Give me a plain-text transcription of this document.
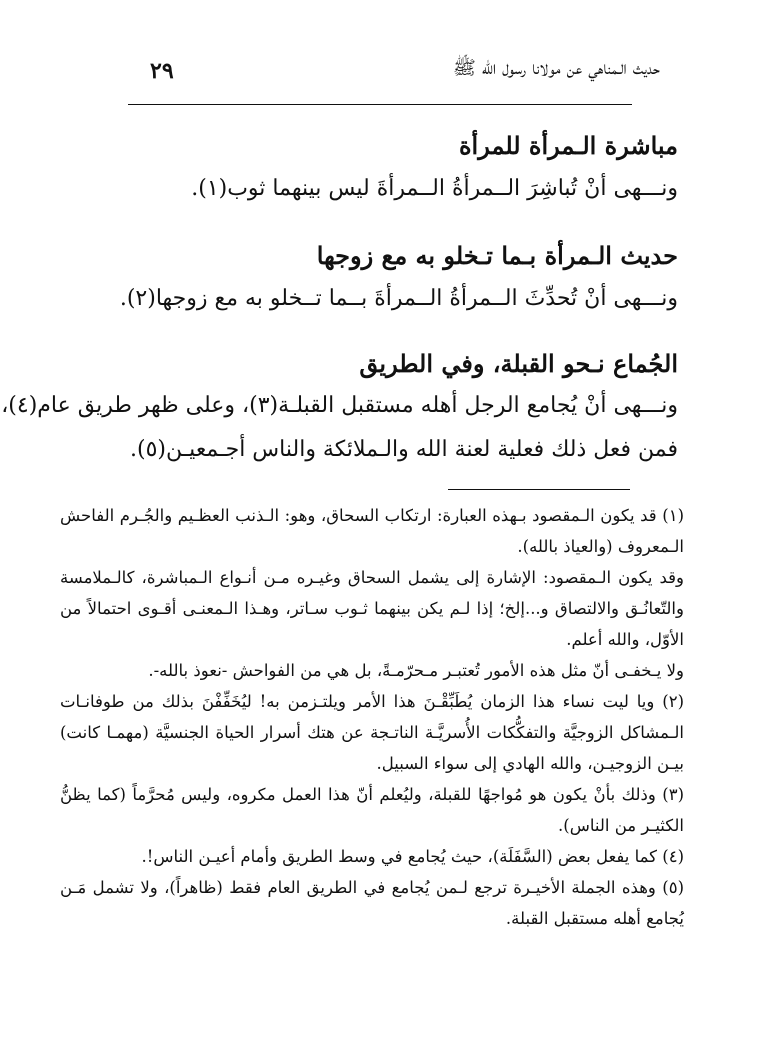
٢٩	حديث الـمناهي عن مولانا رسول الله ﷺ
مباشرة الـمرأة للمرأة

ونـــهى أنْ تُباشِرَ الــمرأةُ الــمرأةَ ليس بينهما ثوب(١).

حديث الـمرأة بـما تـخلو به مع زوجها

ونـــهى أنْ تُحدِّثَ الــمرأةُ الــمرأةَ بــما تــخلو به مع زوجها(٢).

الجُماع نـحو القبلة، وفي الطريق

ونـــهى أنْ يُجامع الرجل أهله مستقبل القبلـة(٣)، وعلى ظهر طريق عام(٤)،

فمن فعل ذلك فعلية لعنة الله والـملائكة والناس أجـمعيـن(٥).

(١) قد يكون الـمقصود بـهذه العبارة: ارتكاب السحاق، وهو: الـذنب العظـيم والجُـرم الفاحش الـمعروف (والعياذ بالله).

وقد يكون الـمقصود: الإشارة إلى يشمل السحاق وغيـره مـن أنـواع الـمباشرة، كالـملامسة والتّعانُـق والالتصاق و...إلخ؛ إذا لـم يكن بينهما ثـوب سـاتر، وهـذا الـمعنـى أقـوى احتمالاً من الأوّل، والله أعلم.

ولا يـخفـى أنّ مثل هذه الأمور تُعتبـر مـحرّمـةً، بل هي من الفواحش -نعوذ بالله-.

(٢) ويا ليت نساء هذا الزمان يُطَبِّقْـنَ هذا الأمر ويلتـزمن به! ليُخَفِّفْنَ بذلك من طوفانـات الـمشاكل الزوجيَّة والتفكُّكات الأُسريَّـة الناتـجة عن هتك أسرار الحياة الجنسيَّة (مهمـا كانت) بيـن الزوجيـن، والله الهادي إلى سواء السبيل.

(٣) وذلك بأنْ يكون هو مُواجهًا للقبلة، وليُعلم أنّ هذا العمل مكروه، وليس مُحرَّماً (كما يظنُّ الكثيـر من الناس).

(٤) كما يفعل بعض (السَّفَلَة)، حيث يُجامع في وسط الطريق وأمام أعيـن الناس!.

(٥) وهذه الجملة الأخيـرة ترجع لـمن يُجامع في الطريق العام فقط (ظاهراً)، ولا تشمل مَـن يُجامع أهله مستقبل القبلة.
